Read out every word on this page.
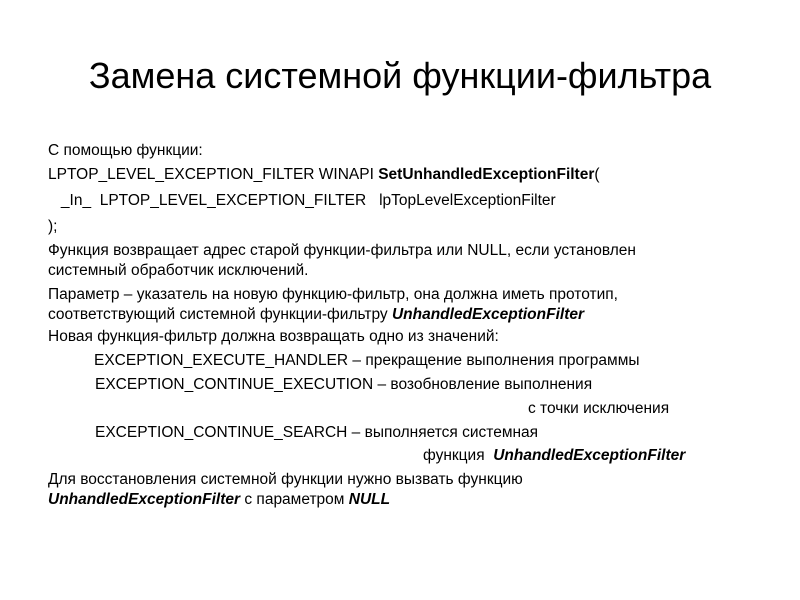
Замена системной функции-фильтра
С помощью функции:
LPTOP_LEVEL_EXCEPTION_FILTER WINAPI SetUnhandledExceptionFilter(
_In_  LPTOP_LEVEL_EXCEPTION_FILTER   lpTopLevelExceptionFilter
);
Функция возвращает адрес старой функции-фильтра или NULL, если установлен
системный обработчик исключений.
Параметр – указатель на новую функцию-фильтр, она должна иметь прототип,
соответствующий системной функции-фильтру UnhandledExceptionFilter
Новая функция-фильтр должна возвращать одно из значений:
EXCEPTION_EXECUTE_HANDLER – прекращение выполнения программы
EXCEPTION_CONTINUE_EXECUTION – возобновление выполнения
с точки исключения
EXCEPTION_CONTINUE_SEARCH – выполняется системная
функция  UnhandledExceptionFilter
Для восстановления системной функции нужно вызвать функцию
UnhandledExceptionFilter с параметром NULL
